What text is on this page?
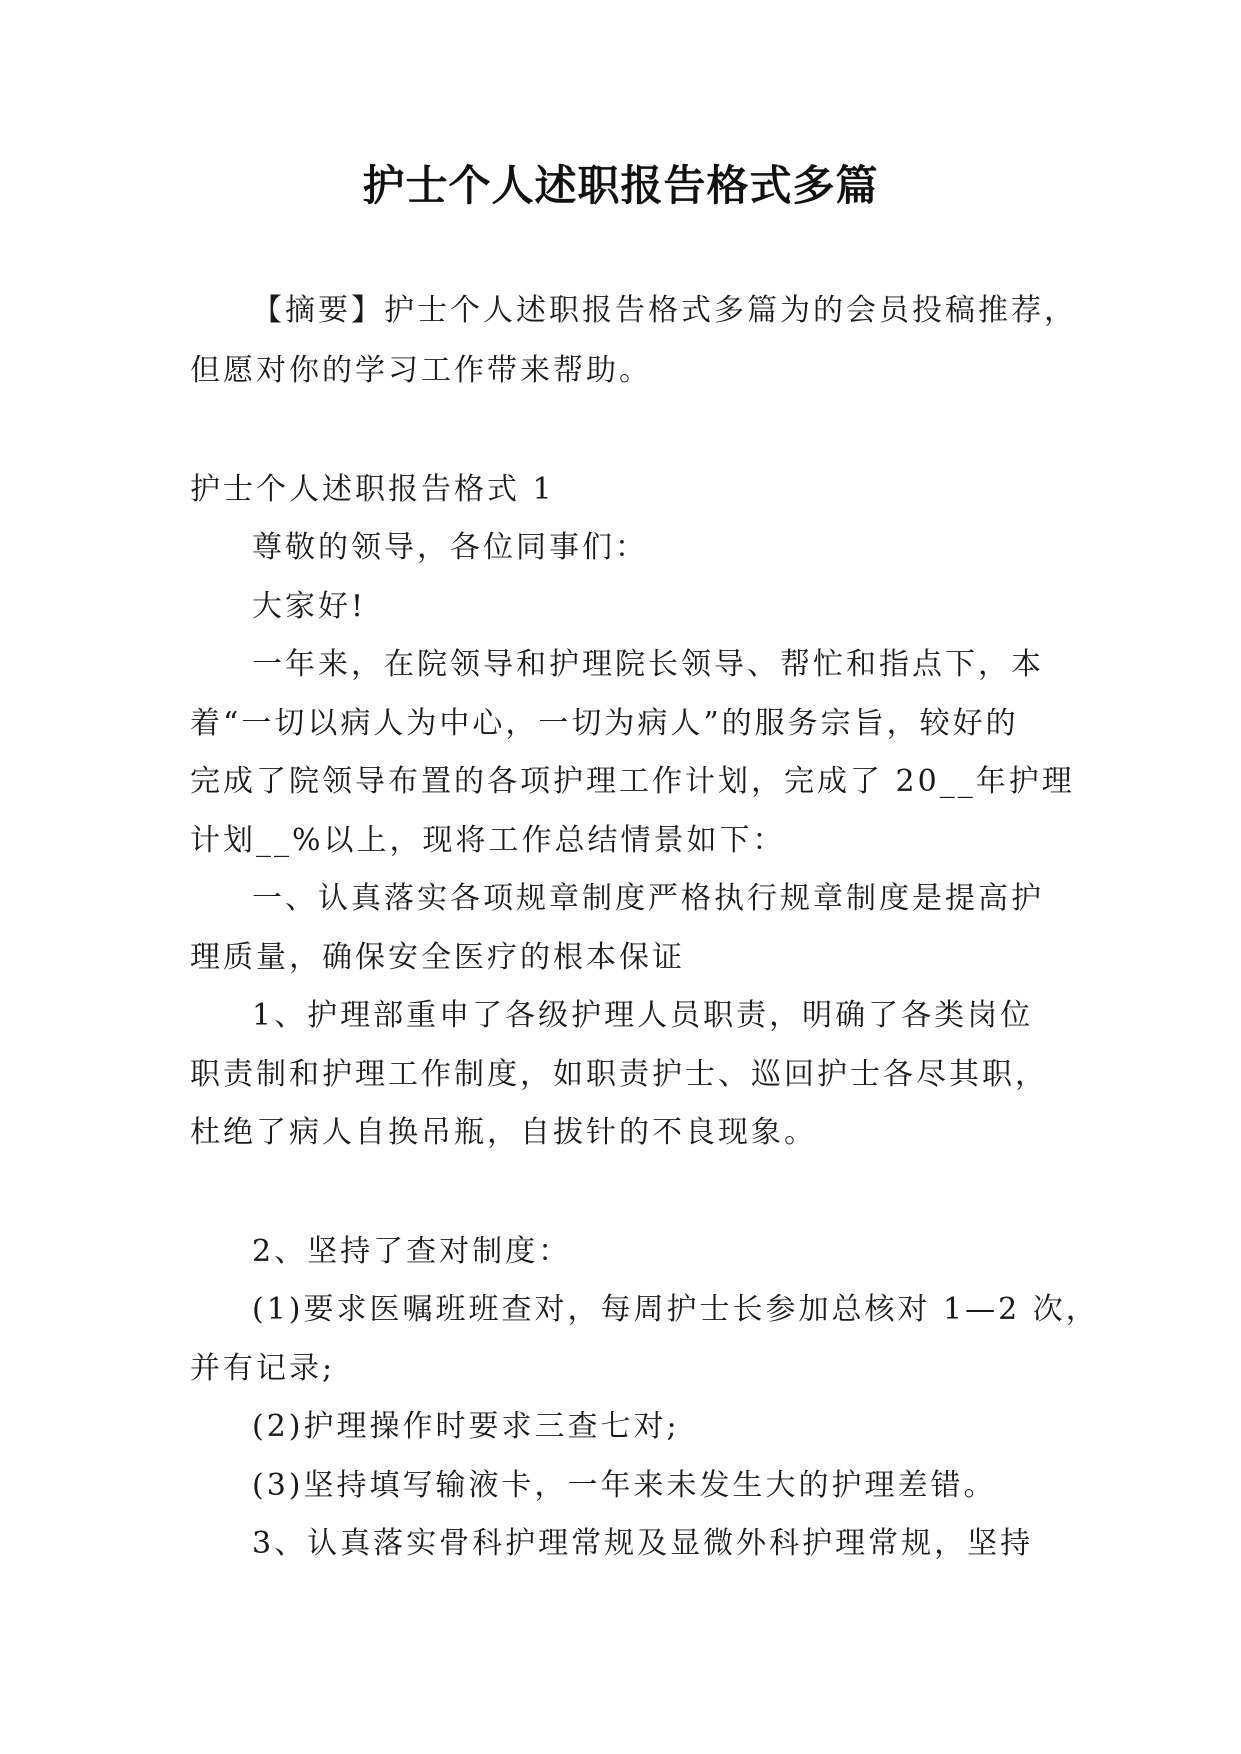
护士个人述职报告格式多篇
【摘要】护士个人述职报告格式多篇为的会员投稿推荐，
但愿对你的学习工作带来帮助。
护士个人述职报告格式 1
尊敬的领导，各位同事们：
大家好!
一年来，在院领导和护理院长领导、帮忙和指点下，本
着“一切以病人为中心，一切为病人”的服务宗旨，较好的
完成了院领导布置的各项护理工作计划，完成了 20__年护理
计划__%以上，现将工作总结情景如下：
一、认真落实各项规章制度严格执行规章制度是提高护
理质量，确保安全医疗的根本保证
1、护理部重申了各级护理人员职责，明确了各类岗位
职责制和护理工作制度，如职责护士、巡回护士各尽其职，
杜绝了病人自换吊瓶，自拔针的不良现象。
2、坚持了查对制度：
(1)要求医嘱班班查对，每周护士长参加总核对 1—2 次，
并有记录;
(2)护理操作时要求三查七对;
(3)坚持填写输液卡，一年来未发生大的护理差错。
3、认真落实骨科护理常规及显微外科护理常规，坚持
